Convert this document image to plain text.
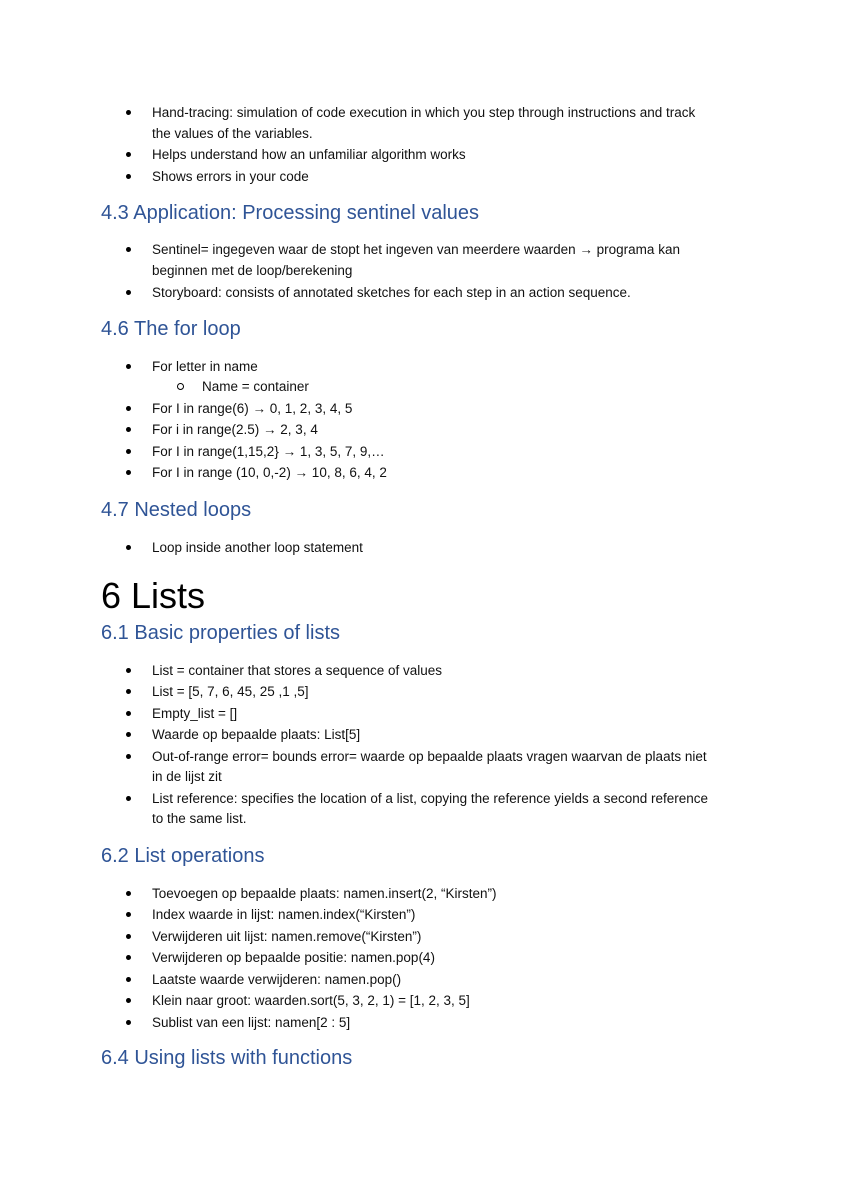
Hand-tracing: simulation of code execution in which you step through instructions and track
the values of the variables.
Helps understand how an unfamiliar algorithm works
Shows errors in your code
4.3 Application: Processing sentinel values
Sentinel= ingegeven waar de stopt het ingeven van meerdere waarden → programa kan
beginnen met de loop/berekening
Storyboard: consists of annotated sketches for each step in an action sequence.
4.6 The for loop
For letter in name
Name = container
For I in range(6) → 0, 1, 2, 3, 4, 5
For i in range(2.5) → 2, 3, 4
For I in range(1,15,2} → 1, 3, 5, 7, 9,…
For I in range (10, 0,-2) → 10, 8, 6, 4, 2
4.7 Nested loops
Loop inside another loop statement
6 Lists
6.1 Basic properties of lists
List = container that stores a sequence of values
List = [5, 7, 6, 45, 25 ,1 ,5]
Empty_list = []
Waarde op bepaalde plaats: List[5]
Out-of-range error= bounds error= waarde op bepaalde plaats vragen waarvan de plaats niet
in de lijst zit
List reference: specifies the location of a list, copying the reference yields a second reference
to the same list.
6.2 List operations
Toevoegen op bepaalde plaats: namen.insert(2, “Kirsten”)
Index waarde in lijst: namen.index(“Kirsten”)
Verwijderen uit lijst: namen.remove(“Kirsten”)
Verwijderen op bepaalde positie: namen.pop(4)
Laatste waarde verwijderen: namen.pop()
Klein naar groot: waarden.sort(5, 3, 2, 1) = [1, 2, 3, 5]
Sublist van een lijst: namen[2 : 5]
6.4 Using lists with functions
